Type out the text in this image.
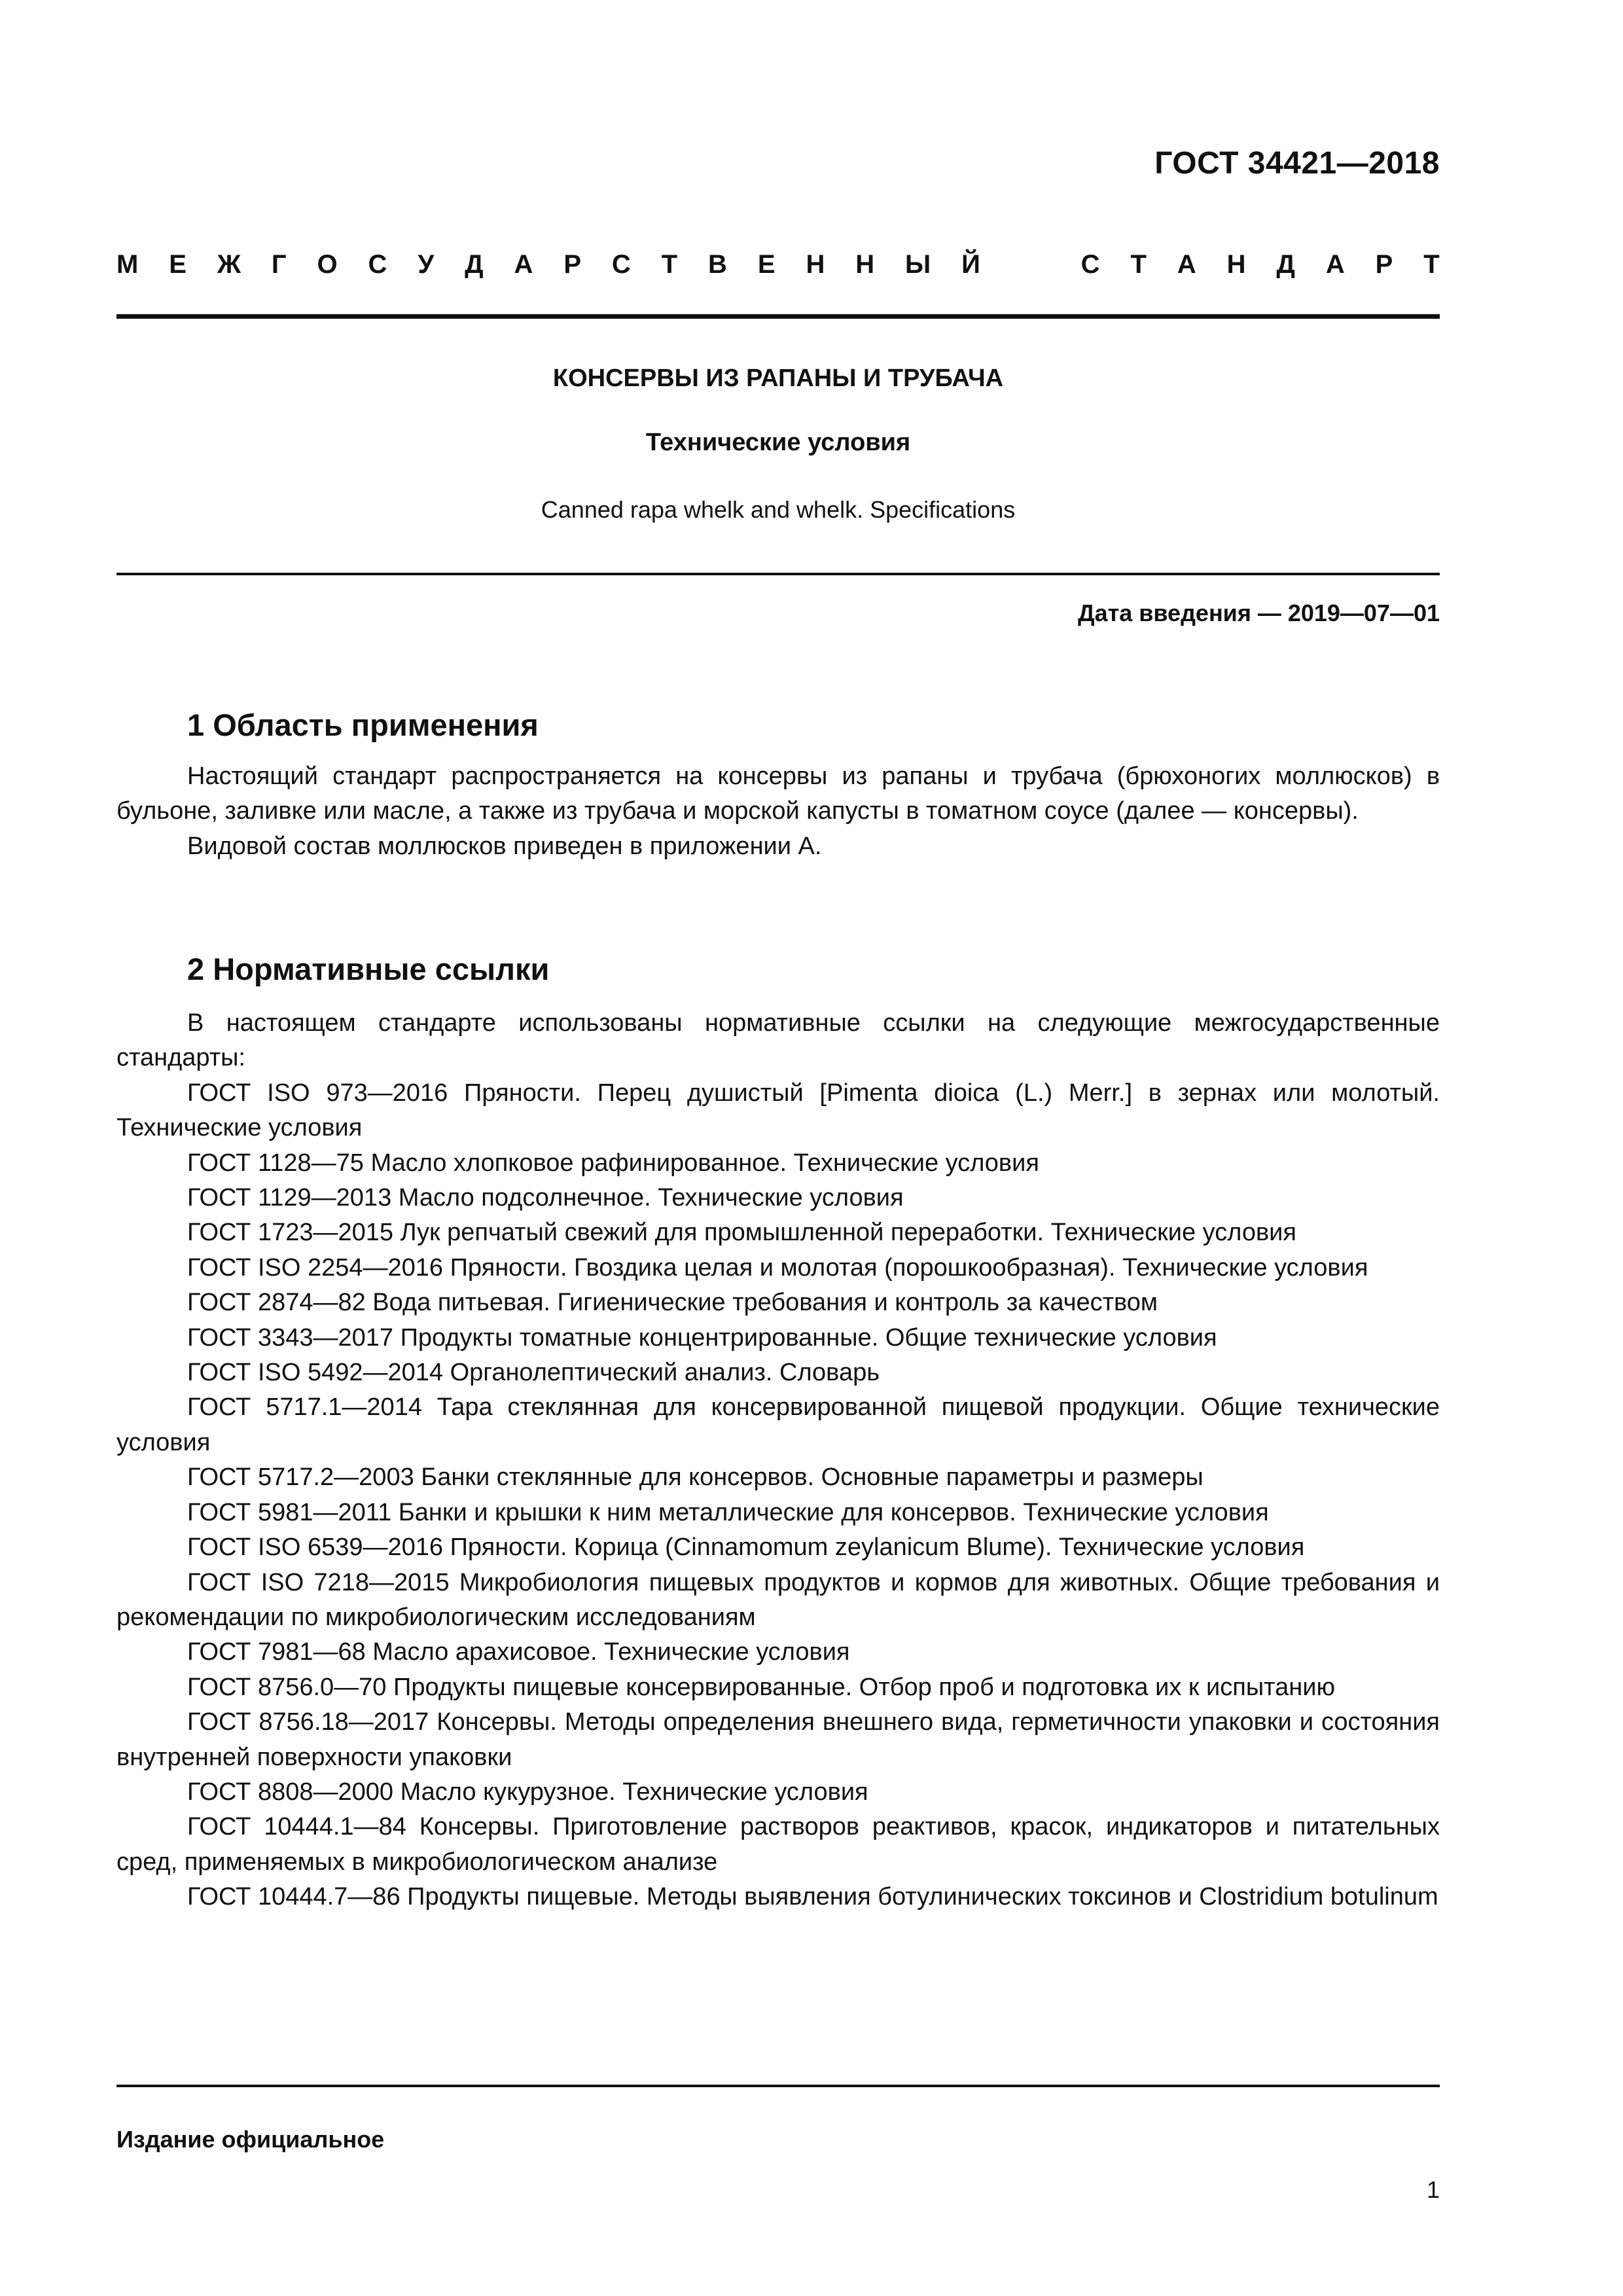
ГОСТ 34421—2018
М Е Ж Г О С У Д А Р С Т В Е Н Н Ы Й	С Т А Н Д А Р Т
КОНСЕРВЫ ИЗ РАПАНЫ И ТРУБАЧА
Технические условия
Canned rapa whelk and whelk. Specifications
Дата введения — 2019—07—01
1 Область применения

Настоящий стандарт распространяется на консервы из рапаны и трубача (брюхоногих моллюсков) в бульоне, заливке или масле, а также из трубача и морской капусты в томатном соусе (далее — консервы).

Видовой состав моллюсков приведен в приложении А.

2 Нормативные ссылки

В настоящем стандарте использованы нормативные ссылки на следующие межгосударственные стандарты:

ГОСТ ISO 973—2016 Пряности. Перец душистый [Pimenta dioica (L.) Merr.] в зернах или молотый. Технические условия
ГОСТ 1128—75 Масло хлопковое рафинированное. Технические условия
ГОСТ 1129—2013 Масло подсолнечное. Технические условия
ГОСТ 1723—2015 Лук репчатый свежий для промышленной переработки. Технические условия
ГОСТ ISO 2254—2016 Пряности. Гвоздика целая и молотая (порошкообразная). Технические условия
ГОСТ 2874—82 Вода питьевая. Гигиенические требования и контроль за качеством
ГОСТ 3343—2017 Продукты томатные концентрированные. Общие технические условия
ГОСТ ISO 5492—2014 Органолептический анализ. Словарь
ГОСТ 5717.1—2014 Тара стеклянная для консервированной пищевой продукции. Общие технические условия
ГОСТ 5717.2—2003 Банки стеклянные для консервов. Основные параметры и размеры
ГОСТ 5981—2011 Банки и крышки к ним металлические для консервов. Технические условия
ГОСТ ISO 6539—2016 Пряности. Корица (Cinnamomum zeylanicum Blume). Технические условия
ГОСТ ISO 7218—2015 Микробиология пищевых продуктов и кормов для животных. Общие требования и рекомендации по микробиологическим исследованиям
ГОСТ 7981—68 Масло арахисовое. Технические условия
ГОСТ 8756.0—70 Продукты пищевые консервированные. Отбор проб и подготовка их к испытанию
ГОСТ 8756.18—2017 Консервы. Методы определения внешнего вида, герметичности упаковки и состояния внутренней поверхности упаковки
ГОСТ 8808—2000 Масло кукурузное. Технические условия
ГОСТ 10444.1—84 Консервы. Приготовление растворов реактивов, красок, индикаторов и питательных сред, применяемых в микробиологическом анализе
ГОСТ 10444.7—86 Продукты пищевые. Методы выявления ботулинических токсинов и Clostridium botulinum
Издание официальное
1
